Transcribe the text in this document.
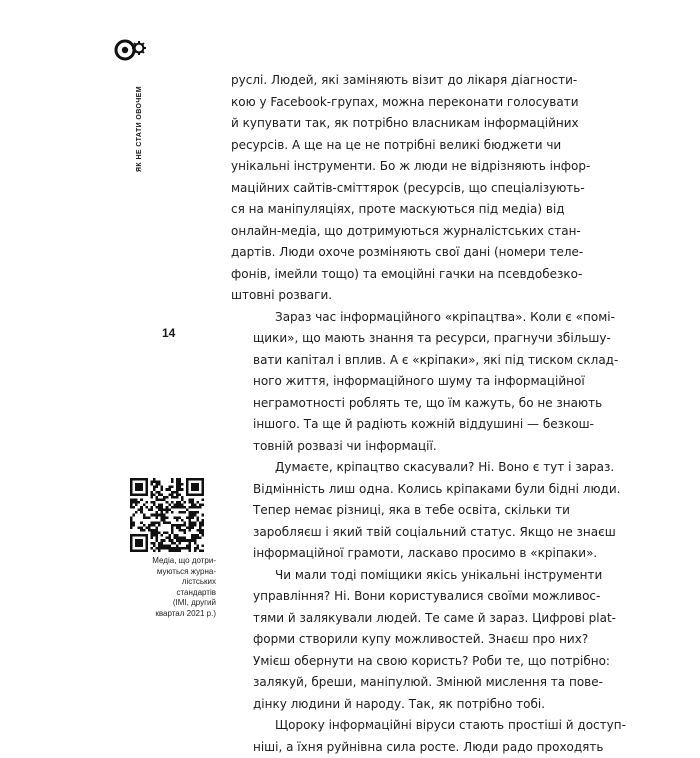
ЯК НЕ СТАТИ ОВОЧЕМ
14
Медіа, що дотри-
муються журна-
лістських
стандартів
(ІМІ, другий
квартал 2021 р.)

руслі. Людей, які заміняють візит до лікаря діагности-
кою у Facebook-групах, можна переконати голосувати
й купувати так, як потрібно власникам інформаційних
ресурсів. А ще на це не потрібні великі бюджети чи
унікальні інструменти. Бо ж люди не відрізняють інфор-
маційних сайтів-сміттярок (ресурсів, що спеціалізують-
ся на маніпуляціях, проте маскуються під медіа) від
онлайн-медіа, що дотримуються журналістських стан-
дартів. Люди охоче розміняють свої дані (номери теле-
фонів, імейли тощо) та емоційні гачки на псевдобезко-
штовні розваги.

Зараз час інформаційного «кріпацтва». Коли є «помі-
щики», що мають знання та ресурси, прагнучи збільшу-
вати капітал і вплив. А є «кріпаки», які під тиском склад-
ного життя, інформаційного шуму та інформаційної
неграмотності роблять те, що їм кажуть, бо не знають
іншого. Та ще й радіють кожній віддушині — безкош-
товній розвазі чи інформації.

Думаєте, кріпацтво скасували? Ні. Воно є тут і зараз.
Відмінність лиш одна. Колись кріпаками були бідні люди.
Тепер немає різниці, яка в тебе освіта, скільки ти
заробляєш і який твій соціальний статус. Якщо не знаєш
інформаційної грамоти, ласкаво просимо в «кріпаки».

Чи мали тоді поміщики якісь унікальні інструменти
управління? Ні. Вони користувалися своїми можливос-
тями й залякували людей. Те саме й зараз. Цифрові plat-
форми створили купу можливостей. Знаєш про них?
Умієш обернути на свою користь? Роби те, що потрібно:
залякуй, бреши, маніпулюй. Змінюй мислення та пове-
дінку людини й народу. Так, як потрібно тобі.

Щороку інформаційні віруси стають простіші й доступ-
ніші, а їхня руйнівна сила росте. Люди радо проходять
